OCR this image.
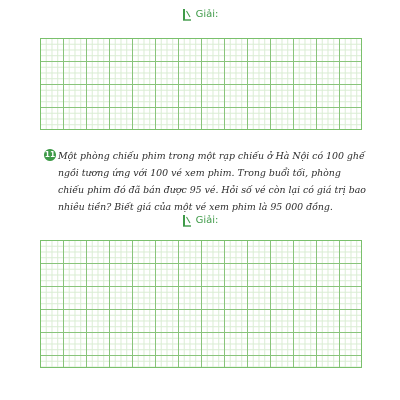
Giải:
11 Một phòng chiếu phim trong một rạp chiếu ở Hà Nội có 100 ghế ngồi tương ứng với 100 vé xem phim. Trong buổi tối, phòng chiếu phim đó đã bán được 95 vé. Hỏi số vé còn lại có giá trị bao nhiêu tiền? Biết giá của một vé xem phim là 95 000 đồng.
Giải:
